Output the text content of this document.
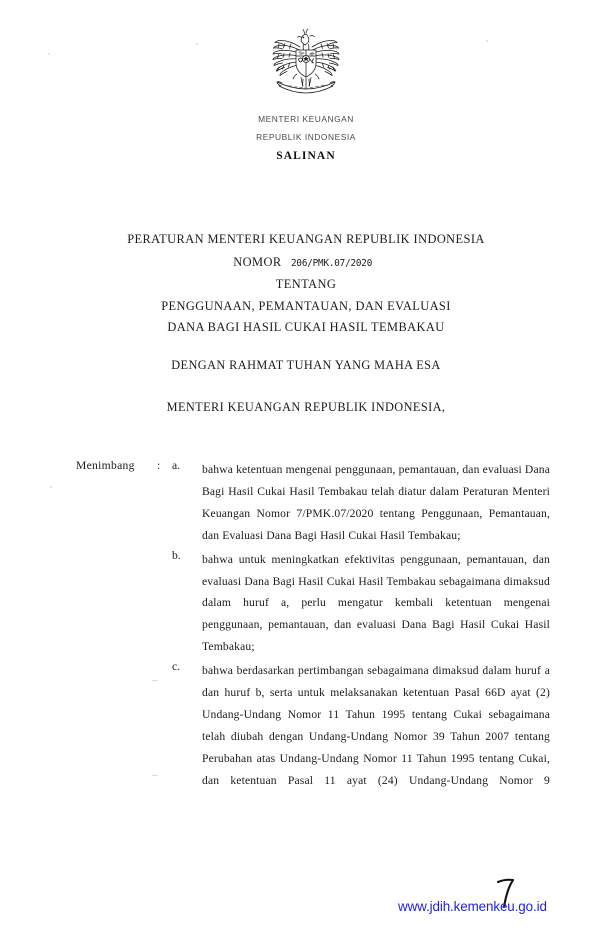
MENTERI KEUANGAN
REPUBLIK INDONESIA
SALINAN
PERATURAN MENTERI KEUANGAN REPUBLIK INDONESIA
NOMOR 206/PMK.07/2020
TENTANG
PENGGUNAAN, PEMANTAUAN, DAN EVALUASI
DANA BAGI HASIL CUKAI HASIL TEMBAKAU
DENGAN RAHMAT TUHAN YANG MAHA ESA
MENTERI KEUANGAN REPUBLIK INDONESIA,
Menimbang : a. bahwa ketentuan mengenai penggunaan, pemantauan, dan evaluasi Dana Bagi Hasil Cukai Hasil Tembakau telah diatur dalam Peraturan Menteri Keuangan Nomor 7/PMK.07/2020 tentang Penggunaan, Pemantauan, dan Evaluasi Dana Bagi Hasil Cukai Hasil Tembakau;
b. bahwa untuk meningkatkan efektivitas penggunaan, pemantauan, dan evaluasi Dana Bagi Hasil Cukai Hasil Tembakau sebagaimana dimaksud dalam huruf a, perlu mengatur kembali ketentuan mengenai penggunaan, pemantauan, dan evaluasi Dana Bagi Hasil Cukai Hasil Tembakau;
c. bahwa berdasarkan pertimbangan sebagaimana dimaksud dalam huruf a dan huruf b, serta untuk melaksanakan ketentuan Pasal 66D ayat (2) Undang-Undang Nomor 11 Tahun 1995 tentang Cukai sebagaimana telah diubah dengan Undang-Undang Nomor 39 Tahun 2007 tentang Perubahan atas Undang-Undang Nomor 11 Tahun 1995 tentang Cukai, dan ketentuan Pasal 11 ayat (24) Undang-Undang Nomor 9
www.jdih.kemenkeu.go.id
